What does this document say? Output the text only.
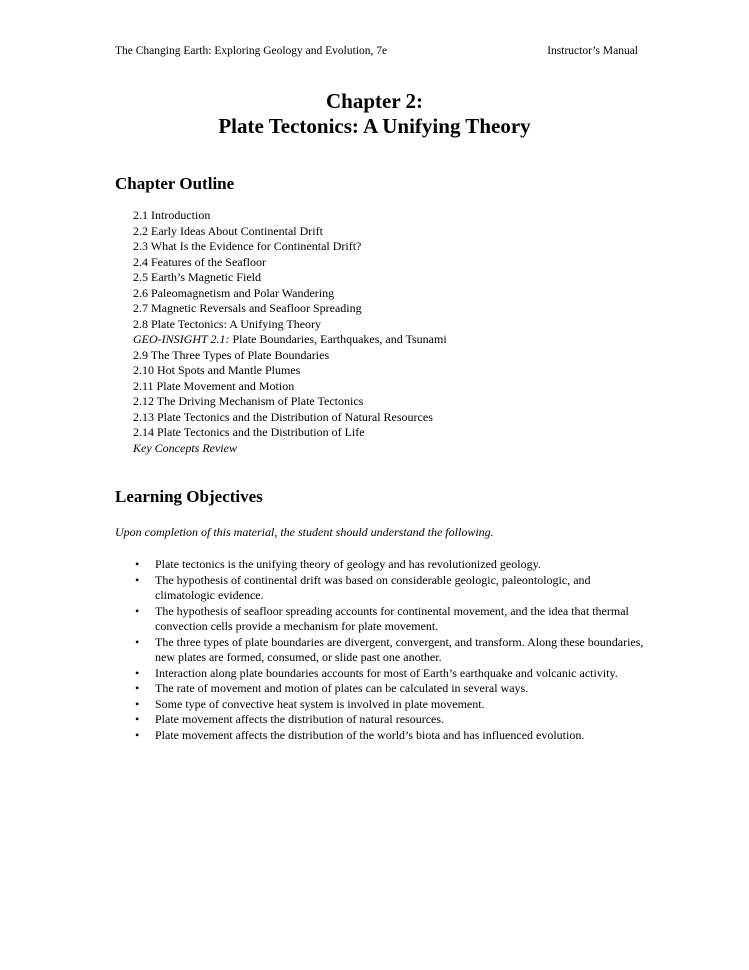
The Changing Earth: Exploring Geology and Evolution, 7e	Instructor’s Manual
Chapter 2:
Plate Tectonics: A Unifying Theory
Chapter Outline
2.1 Introduction
2.2 Early Ideas About Continental Drift
2.3 What Is the Evidence for Continental Drift?
2.4 Features of the Seafloor
2.5 Earth’s Magnetic Field
2.6 Paleomagnetism and Polar Wandering
2.7 Magnetic Reversals and Seafloor Spreading
2.8 Plate Tectonics: A Unifying Theory
GEO-INSIGHT 2.1: Plate Boundaries, Earthquakes, and Tsunami
2.9 The Three Types of Plate Boundaries
2.10 Hot Spots and Mantle Plumes
2.11 Plate Movement and Motion
2.12 The Driving Mechanism of Plate Tectonics
2.13 Plate Tectonics and the Distribution of Natural Resources
2.14 Plate Tectonics and the Distribution of Life
Key Concepts Review
Learning Objectives
Upon completion of this material, the student should understand the following.
• Plate tectonics is the unifying theory of geology and has revolutionized geology.
• The hypothesis of continental drift was based on considerable geologic, paleontologic, and climatologic evidence.
• The hypothesis of seafloor spreading accounts for continental movement, and the idea that thermal convection cells provide a mechanism for plate movement.
• The three types of plate boundaries are divergent, convergent, and transform. Along these boundaries, new plates are formed, consumed, or slide past one another.
• Interaction along plate boundaries accounts for most of Earth’s earthquake and volcanic activity.
• The rate of movement and motion of plates can be calculated in several ways.
• Some type of convective heat system is involved in plate movement.
• Plate movement affects the distribution of natural resources.
• Plate movement affects the distribution of the world’s biota and has influenced evolution.
